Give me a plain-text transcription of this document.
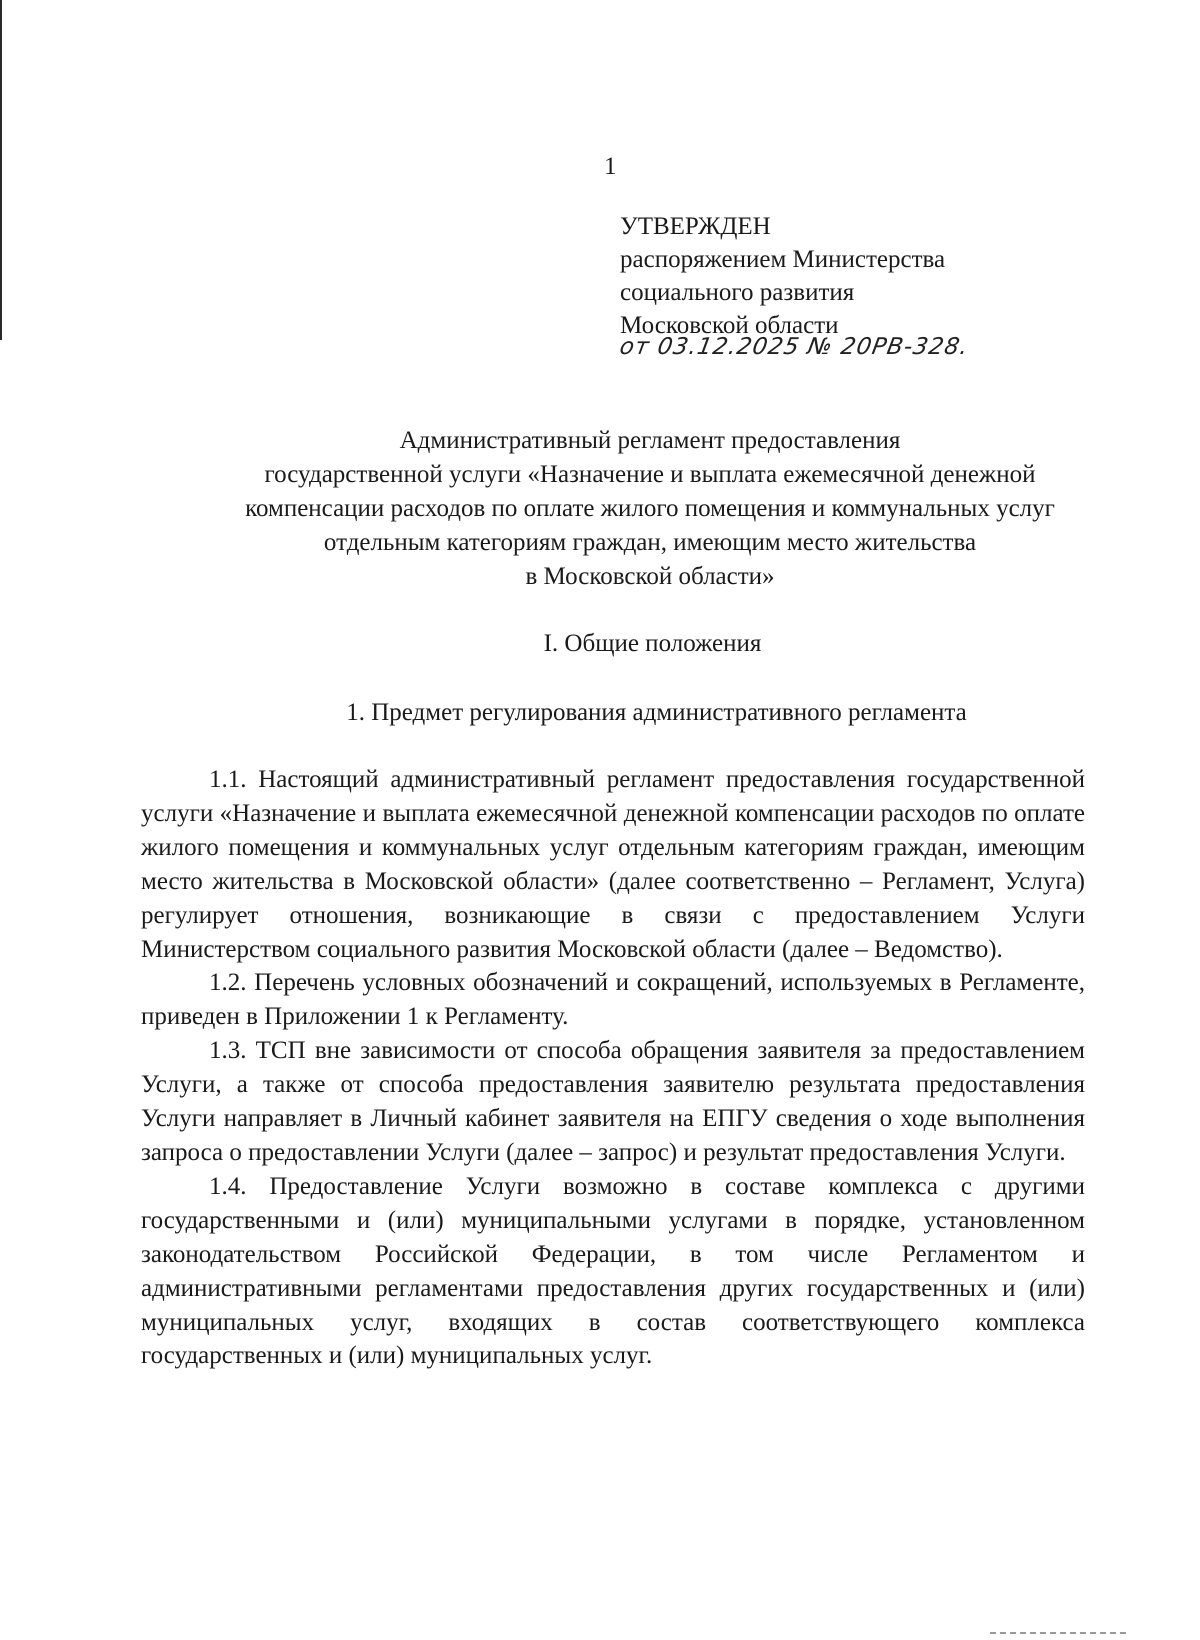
1
УТВЕРЖДЕН
распоряжением Министерства
социального развития
Московской области
от 03.12.2025 № 20РВ-328.
Административный регламент предоставления
государственной услуги «Назначение и выплата ежемесячной денежной
компенсации расходов по оплате жилого помещения и коммунальных услуг
отдельным категориям граждан, имеющим место жительства
в Московской области»
I. Общие положения
1. Предмет регулирования административного регламента

1.1. Настоящий административный регламент предоставления государственной услуги «Назначение и выплата ежемесячной денежной компенсации расходов по оплате жилого помещения и коммунальных услуг отдельным категориям граждан, имеющим место жительства в Московской области» (далее соответственно – Регламент, Услуга) регулирует отношения, возникающие в связи с предоставлением Услуги Министерством социального развития Московской области (далее – Ведомство).

1.2. Перечень условных обозначений и сокращений, используемых в Регламенте, приведен в Приложении 1 к Регламенту.

1.3. ТСП вне зависимости от способа обращения заявителя за предоставлением Услуги, а также от способа предоставления заявителю результата предоставления Услуги направляет в Личный кабинет заявителя на ЕПГУ сведения о ходе выполнения запроса о предоставлении Услуги (далее – запрос) и результат предоставления Услуги.

1.4. Предоставление Услуги возможно в составе комплекса с другими государственными и (или) муниципальными услугами в порядке, установленном законодательством Российской Федерации, в том числе Регламентом и административными регламентами предоставления других государственных и (или) муниципальных услуг, входящих в состав соответствующего комплекса государственных и (или) муниципальных услуг.
